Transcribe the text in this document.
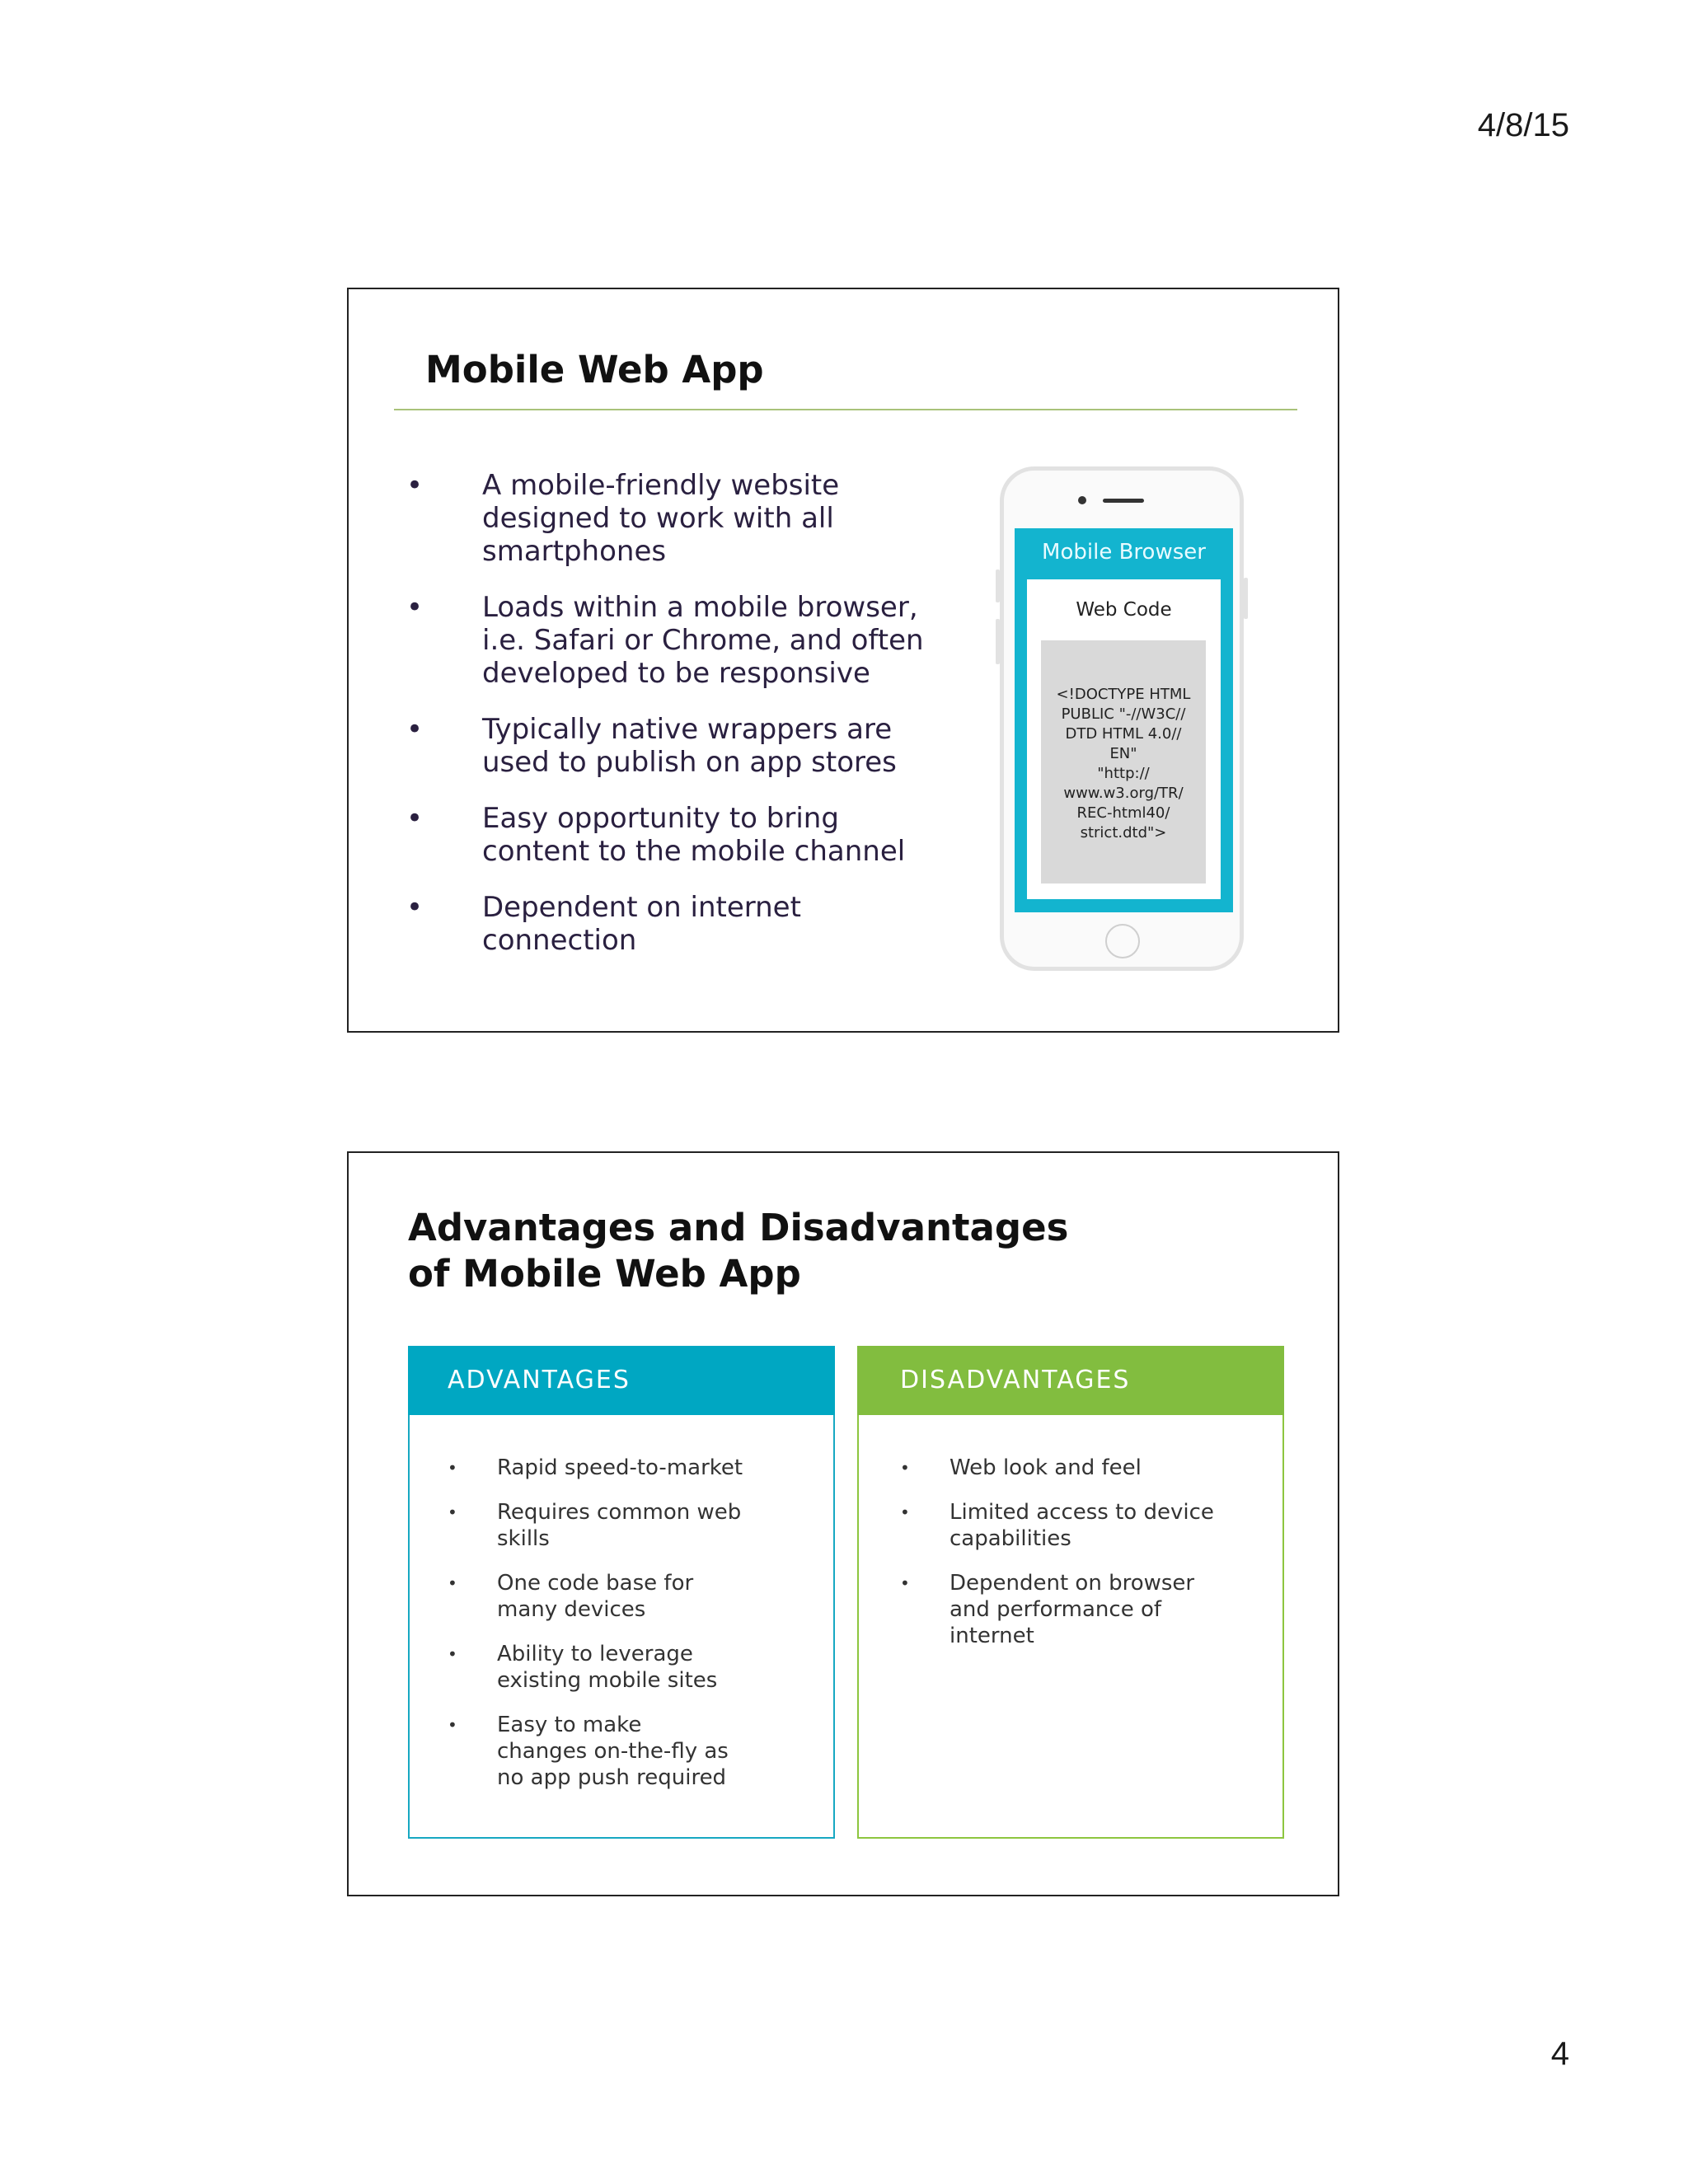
4/8/15
Mobile Web App
• A mobile-friendly website designed to work with all smartphones
• Loads within a mobile browser, i.e. Safari or Chrome, and often developed to be responsive
• Typically native wrappers are used to publish on app stores
• Easy opportunity to bring content to the mobile channel
• Dependent on internet connection
Mobile Browser
Web Code
<!DOCTYPE HTML
PUBLIC "-//W3C//
DTD HTML 4.0//
EN"
"http://
www.w3.org/TR/
REC-html40/
strict.dtd">
Advantages and Disadvantages
of Mobile Web App
ADVANTAGES
• Rapid speed-to-market
• Requires common web skills
• One code base for many devices
• Ability to leverage existing mobile sites
• Easy to make changes on-the-fly as no app push required
DISADVANTAGES
• Web look and feel
• Limited access to device capabilities
• Dependent on browser and performance of internet
4
